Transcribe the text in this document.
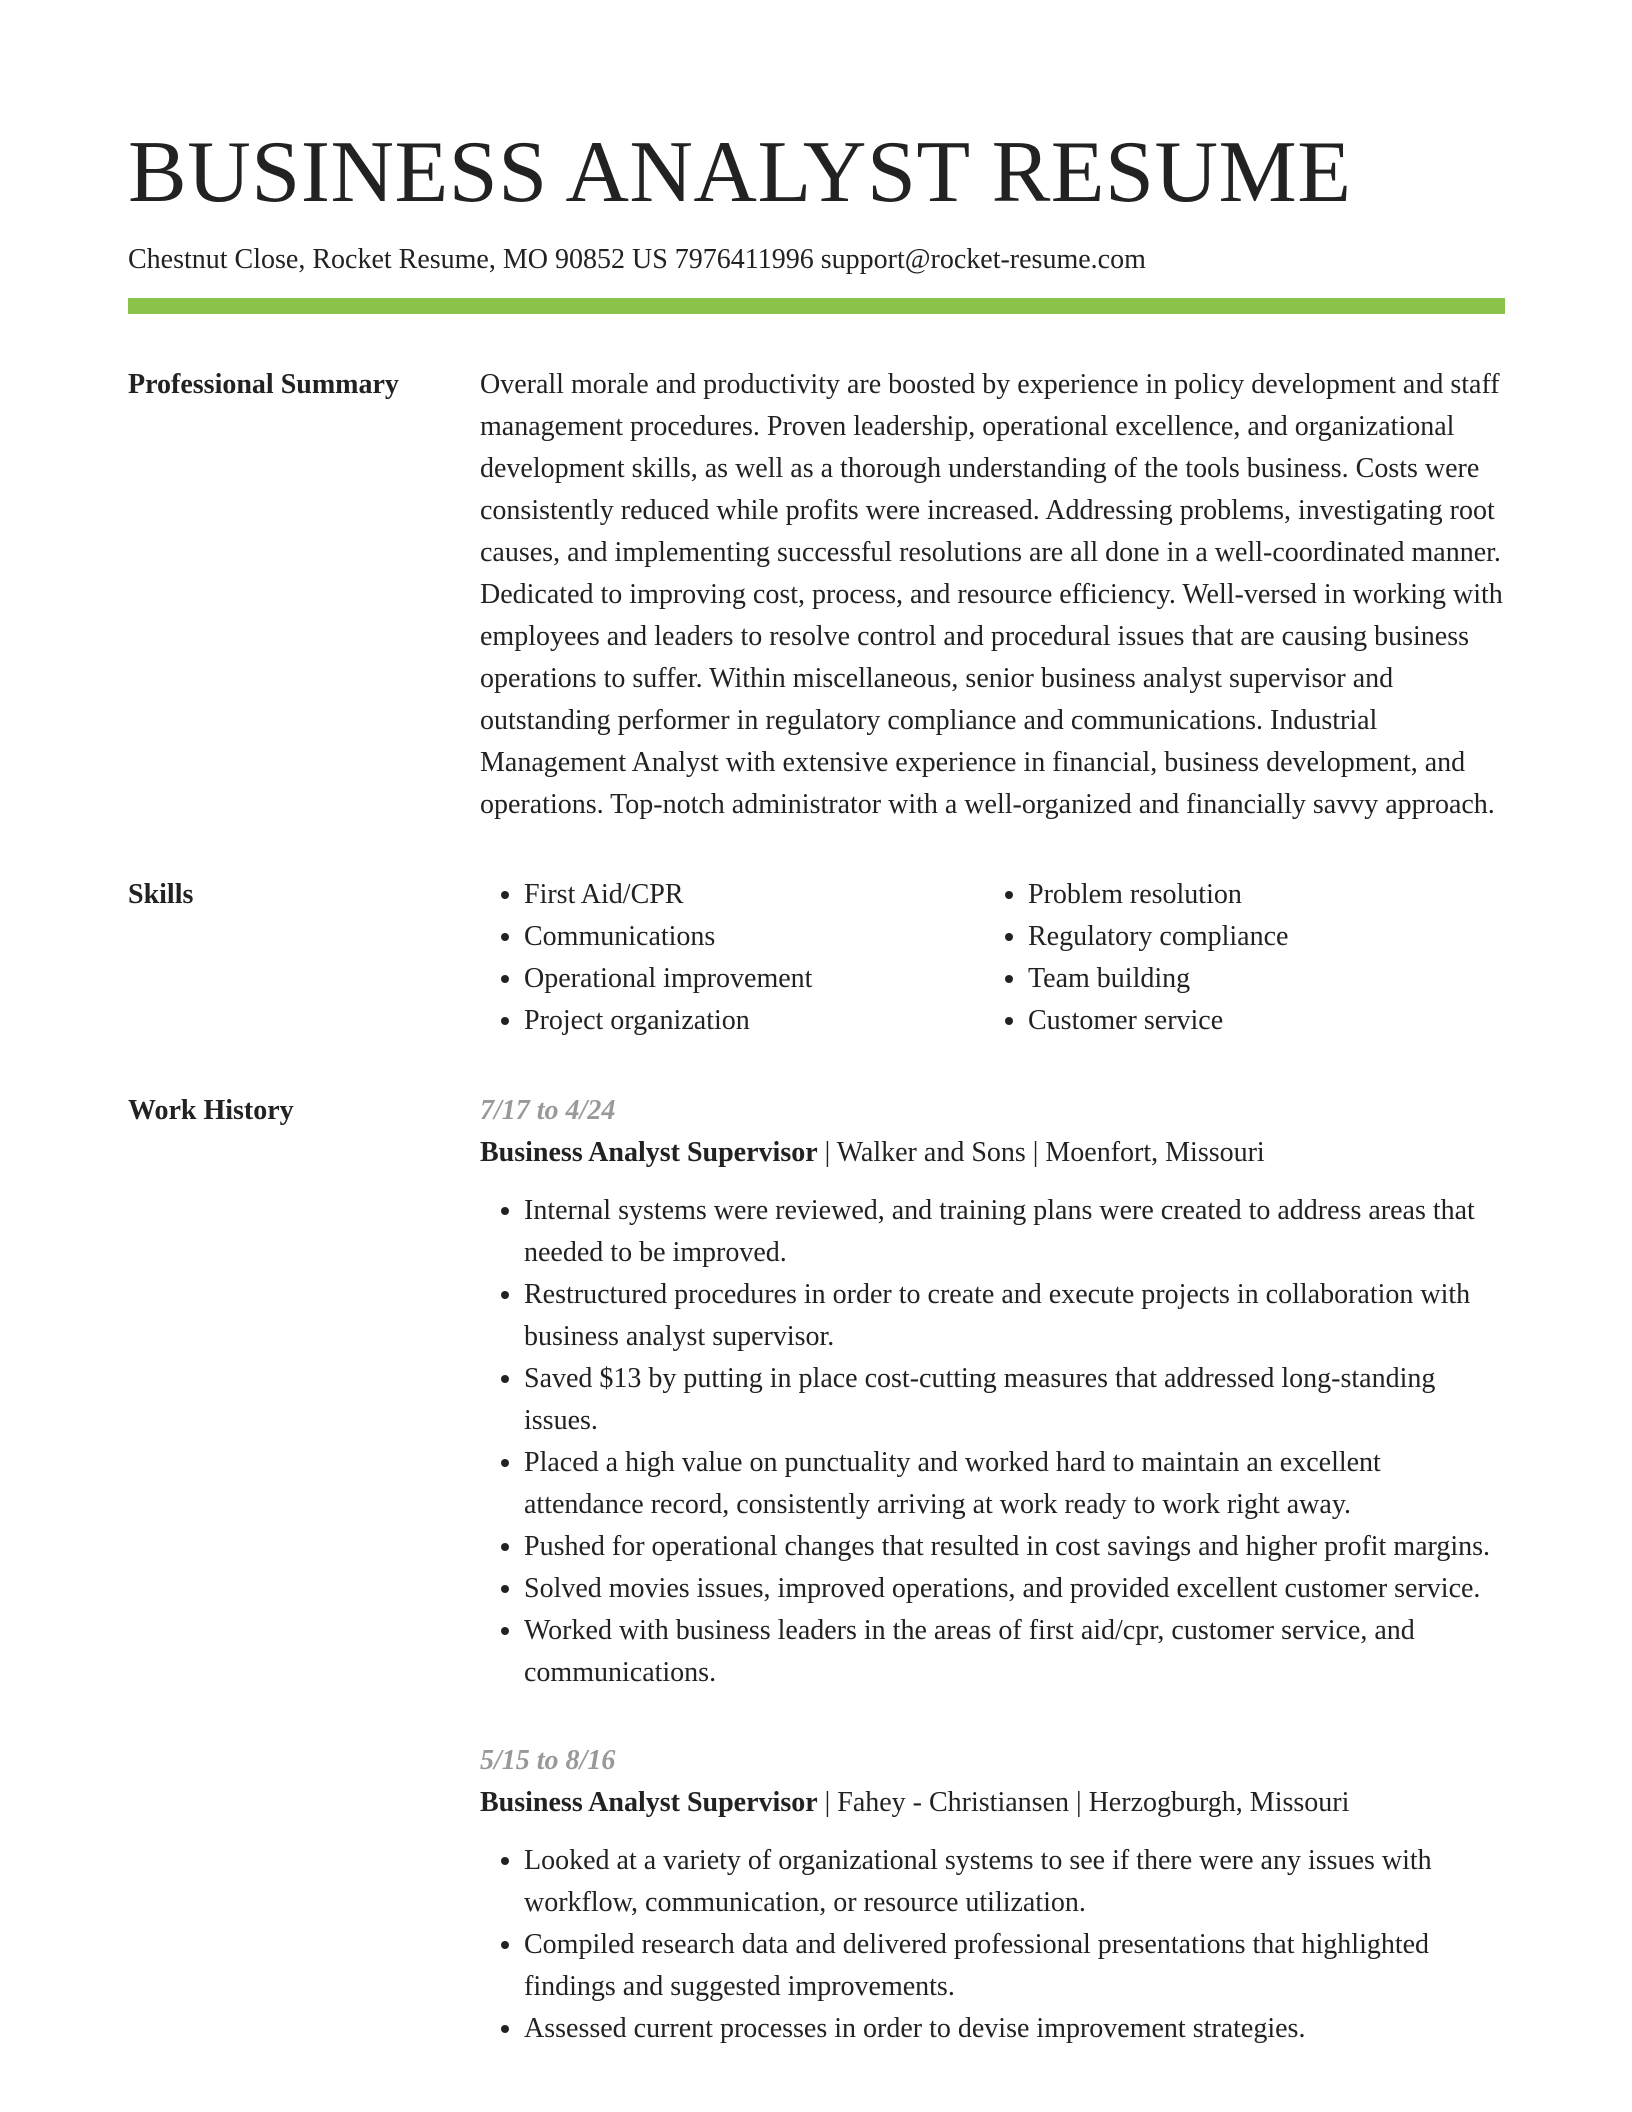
BUSINESS ANALYST RESUME
Chestnut Close, Rocket Resume, MO 90852 US 7976411996 support@rocket-resume.com
Professional Summary	Overall morale and productivity are boosted by experience in policy development and staff management procedures. Proven leadership, operational excellence, and organizational development skills, as well as a thorough understanding of the tools business. Costs were consistently reduced while profits were increased. Addressing problems, investigating root causes, and implementing successful resolutions are all done in a well-coordinated manner. Dedicated to improving cost, process, and resource efficiency. Well-versed in working with employees and leaders to resolve control and procedural issues that are causing business operations to suffer. Within miscellaneous, senior business analyst supervisor and outstanding performer in regulatory compliance and communications. Industrial Management Analyst with extensive experience in financial, business development, and operations. Top-notch administrator with a well-organized and financially savvy approach.

Skills
•	First Aid/CPR
• Communications
• Operational improvement
• Project organization
• Problem resolution
• Regulatory compliance
• Team building
• Customer service
Work History	7/17 to 4/24
Business Analyst Supervisor | Walker and Sons | Moenfort, Missouri
• Internal systems were reviewed, and training plans were created to address areas that needed to be improved.
• Restructured procedures in order to create and execute projects in collaboration with business analyst supervisor.
• Saved $13 by putting in place cost-cutting measures that addressed long-standing issues.
• Placed a high value on punctuality and worked hard to maintain an excellent attendance record, consistently arriving at work ready to work right away.
• Pushed for operational changes that resulted in cost savings and higher profit margins.
• Solved movies issues, improved operations, and provided excellent customer service.
• Worked with business leaders in the areas of first aid/cpr, customer service, and communications.
5/15 to 8/16
Business Analyst Supervisor | Fahey - Christiansen | Herzogburgh, Missouri
• Looked at a variety of organizational systems to see if there were any issues with workflow, communication, or resource utilization.
• Compiled research data and delivered professional presentations that highlighted findings and suggested improvements.
• Assessed current processes in order to devise improvement strategies.
